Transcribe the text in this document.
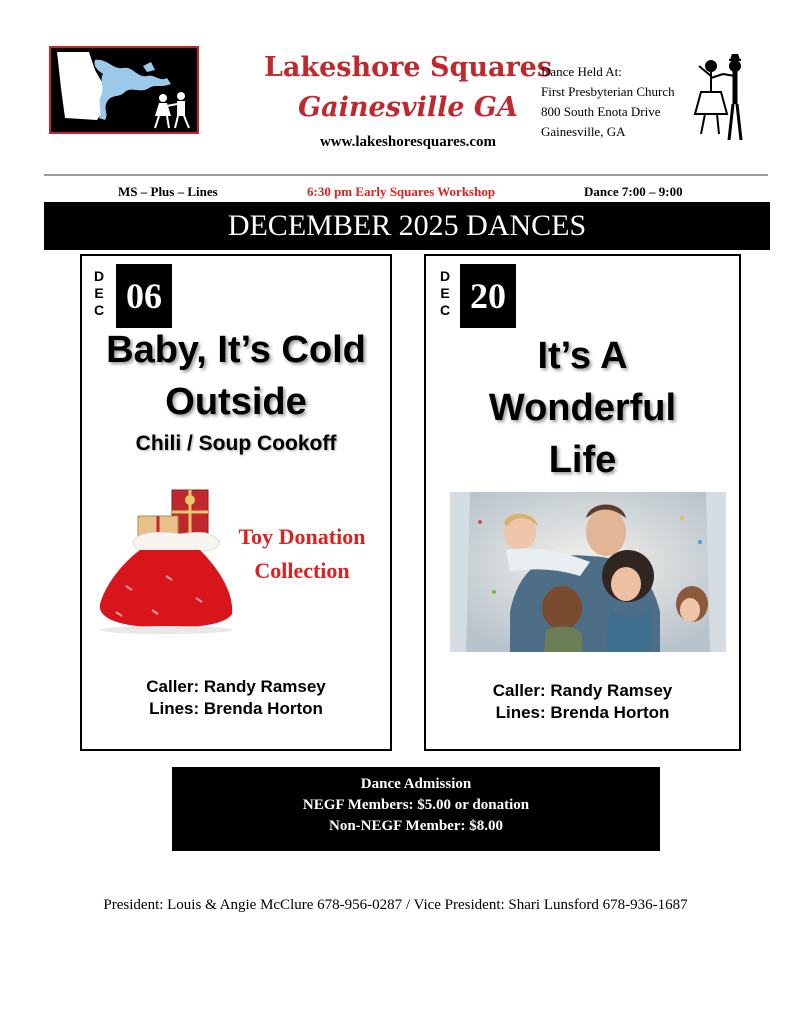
Lakeshore Squares
Gainesville GA
www.lakeshoresquares.com
Dance Held At:
First Presbyterian Church
800 South Enota Drive
Gainesville, GA
MS – Plus – Lines	6:30 pm Early Squares Workshop	Dance 7:00 – 9:00
DECEMBER 2025 DANCES
D
E
C 06
Baby, It’s Cold
Outside
Chili / Soup Cookoff
Toy Donation
Collection
Caller: Randy Ramsey
Lines: Brenda Horton
D
E
C 20
It’s A
Wonderful
Life
Caller: Randy Ramsey
Lines: Brenda Horton
Dance Admission
NEGF Members: $5.00 or donation
Non-NEGF Member: $8.00
President: Louis & Angie McClure 678-956-0287 / Vice President: Shari Lunsford 678-936-1687
